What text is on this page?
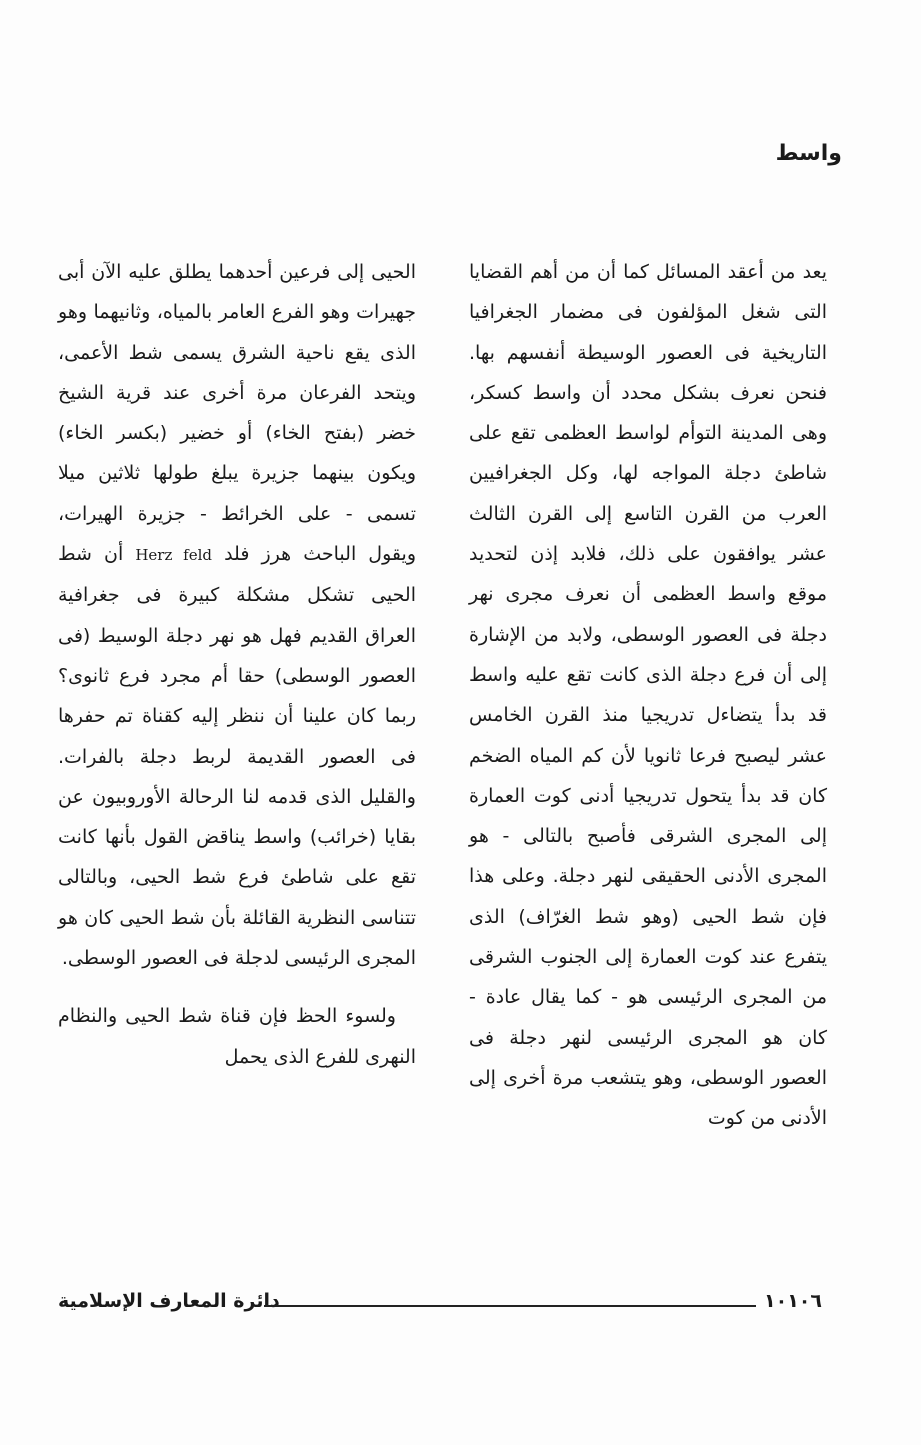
واسط

يعد من أعقد المسائل كما أن من أهم القضايا التى شغل المؤلفون فى مضمار الجغرافيا التاريخية فى العصور الوسيطة أنفسهم بها. فنحن نعرف بشكل محدد أن واسط كسكر، وهى المدينة التوأم لواسط العظمى تقع على شاطئ دجلة المواجه لها، وكل الجغرافيين العرب من القرن التاسع إلى القرن الثالث عشر يوافقون على ذلك، فلابد إذن لتحديد موقع واسط العظمى أن نعرف مجرى نهر دجلة فى العصور الوسطى، ولابد من الإشارة إلى أن فرع دجلة الذى كانت تقع عليه واسط قد بدأ يتضاءل تدريجيا منذ القرن الخامس عشر ليصبح فرعا ثانويا لأن كم المياه الضخم كان قد بدأ يتحول تدريجيا أدنى كوت العمارة إلى المجرى الشرقى فأصبح بالتالى - هو المجرى الأدنى الحقيقى لنهر دجلة. وعلى هذا فإن شط الحيى (وهو شط الغرّاف) الذى يتفرع عند كوت العمارة إلى الجنوب الشرقى من المجرى الرئيسى هو - كما يقال عادة - كان هو المجرى الرئيسى لنهر دجلة فى العصور الوسطى، وهو يتشعب مرة أخرى إلى الأدنى من كوت

الحيى إلى فرعين أحدهما يطلق عليه الآن أبى جهيرات وهو الفرع العامر بالمياه، وثانيهما وهو الذى يقع ناحية الشرق يسمى شط الأعمى، ويتحد الفرعان مرة أخرى عند قرية الشيخ خضر (بفتح الخاء) أو خضير (بكسر الخاء) ويكون بينهما جزيرة يبلغ طولها ثلاثين ميلا تسمى - على الخرائط - جزيرة الهيرات، ويقول الباحث هرز فلد Herz feld أن شط الحيى تشكل مشكلة كبيرة فى جغرافية العراق القديم فهل هو نهر دجلة الوسيط (فى العصور الوسطى) حقا أم مجرد فرع ثانوى؟ ربما كان علينا أن ننظر إليه كقناة تم حفرها فى العصور القديمة لربط دجلة بالفرات. والقليل الذى قدمه لنا الرحالة الأوروبيون عن بقايا (خرائب) واسط يناقض القول بأنها كانت تقع على شاطئ فرع شط الحيى، وبالتالى تتناسى النظرية القائلة بأن شط الحيى كان هو المجرى الرئيسى لدجلة فى العصور الوسطى.

ولسوء الحظ فإن قناة شط الحيى والنظام النهرى للفرع الذى يحمل

دائرة المعارف الإسلامية	١٠١٠٦
